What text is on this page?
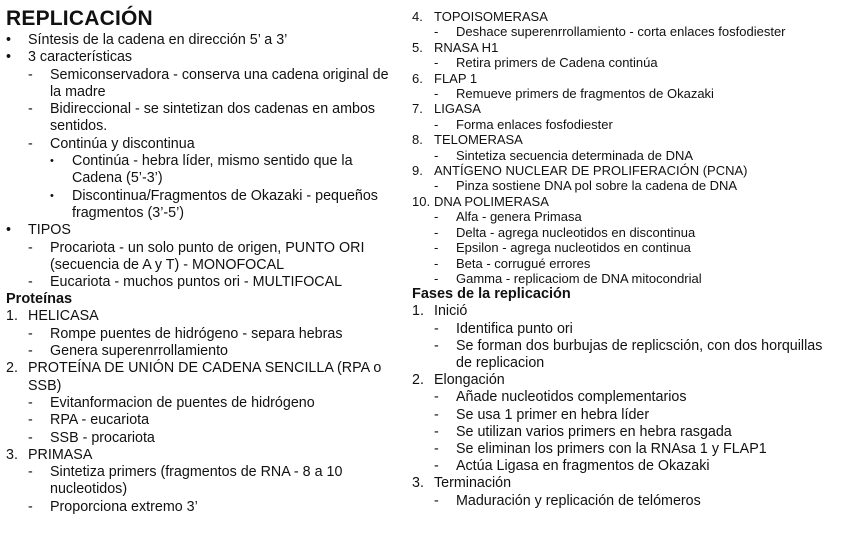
REPLICACIÓN
•	Síntesis de la cadena en dirección 5’ a 3’
•	3 características
-	Semiconservadora - conserva una cadena original de la madre
-	Bidireccional - se sintetizan dos cadenas en ambos sentidos.
-	Continúa y discontinua
•	Continúa - hebra líder, mismo sentido que la Cadena (5’-3’)
•	Discontinua/Fragmentos de Okazaki - pequeños fragmentos (3’-5’)
•	TIPOS
-	Procariota - un solo punto de origen, PUNTO ORI (secuencia de A y T) - MONOFOCAL
-	Eucariota - muchos puntos ori - MULTIFOCAL
Proteínas
1. HELICASA
-	Rompe puentes de hidrógeno - separa hebras
-	Genera superenrrollamiento
2. PROTEÍNA DE UNIÓN DE CADENA SENCILLA (RPA o SSB)
-	Evitanformacion de puentes de hidrógeno
-	RPA - eucariota
-	SSB - procariota
3. PRIMASA
-	Sintetiza primers (fragmentos de RNA - 8 a 10 nucleotidos)
-	Proporciona extremo 3’
4. TOPOISOMERASA
-	Deshace superenrrollamiento - corta enlaces fosfodiester
5. RNASA H1
-	Retira primers de Cadena continúa
6. FLAP 1
-	Remueve primers de fragmentos de Okazaki
7. LIGASA
-	Forma enlaces fosfodiester
8. TELOMERASA
-	Sintetiza secuencia determinada de DNA
9. ANTÍGENO NUCLEAR DE PROLIFERACIÓN (PCNA)
-	Pinza sostiene DNA pol sobre la cadena de DNA
10. DNA POLIMERASA
-	Alfa - genera Primasa
-	Delta - agrega nucleotidos en discontinua
-	Epsilon - agrega nucleotidos en continua
-	Beta - corrugué errores
-	Gamma - replicaciom de DNA mitocondrial
Fases de la replicación
1. Inició
-	Identifica punto ori
-	Se forman dos burbujas de replicsción, con dos horquillas de replicacion
2. Elongación
-	Añade nucleotidos complementarios
-	Se usa 1 primer en hebra líder
-	Se utilizan varios primers en hebra rasgada
-	Se eliminan los primers con la RNAsa 1 y FLAP1
-	Actúa Ligasa en fragmentos de Okazaki
3. Terminación
-	Maduración y replicación de telómeros
